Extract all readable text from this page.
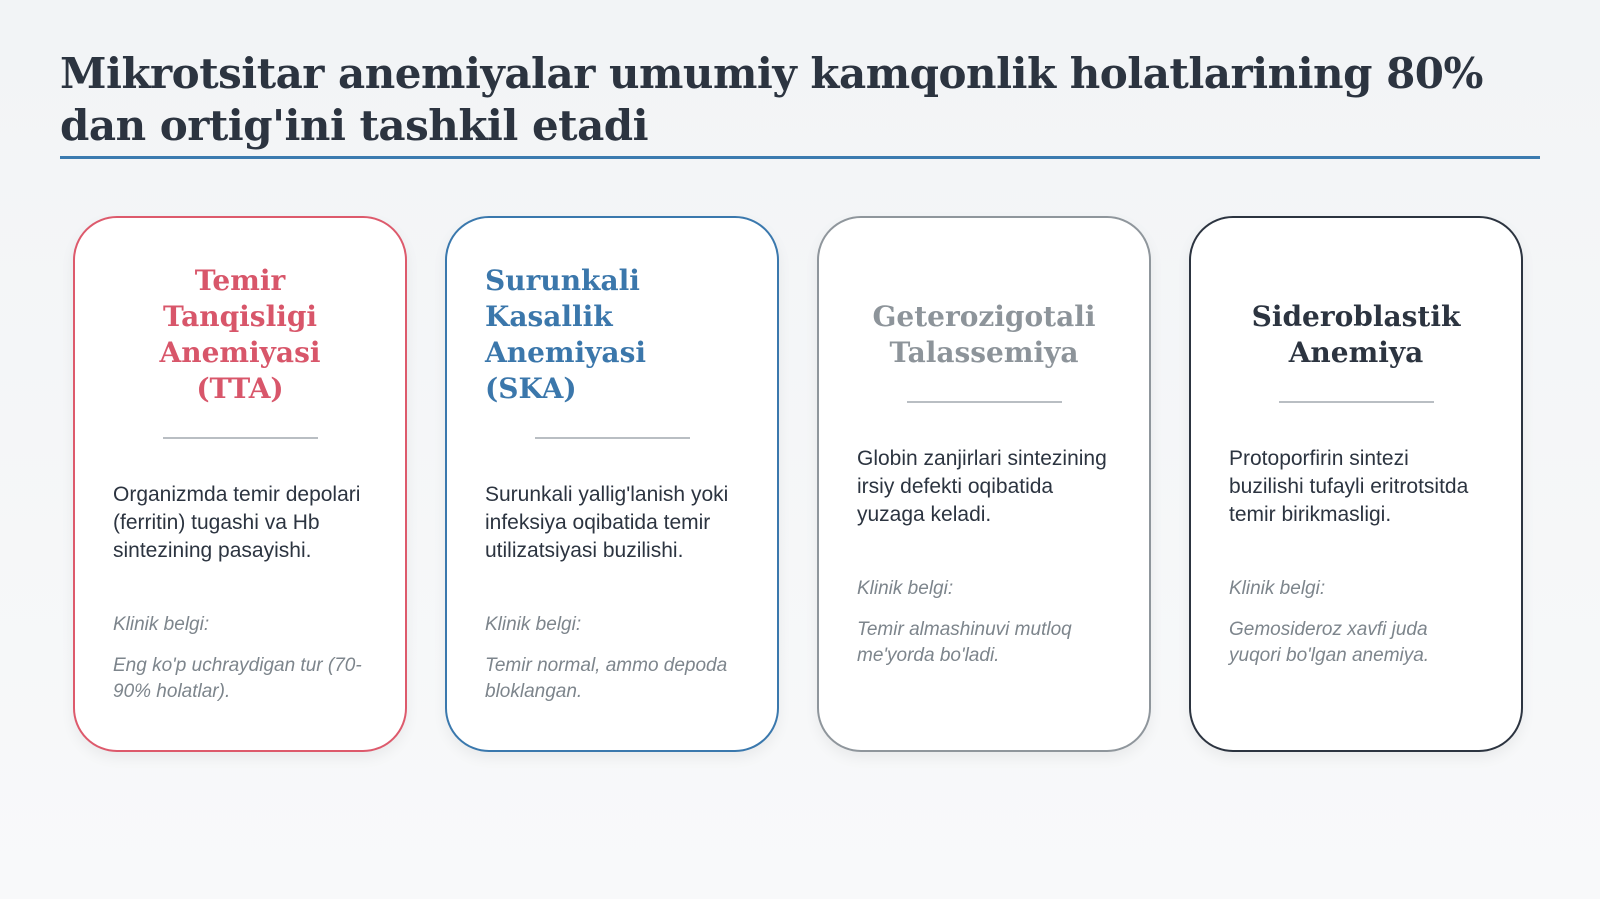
Mikrotsitar anemiyalar umumiy kamqonlik holatlarining 80% dan ortig'ini tashkil etadi
Temir Tanqisligi Anemiyasi (TTA)

Organizmda temir depolari (ferritin) tugashi va Hb sintezining pasayishi.

Klinik belgi:

Eng ko'p uchraydigan tur (70-90% holatlar).

Surunkali Kasallik Anemiyasi (SKA)

Surunkali yallig'lanish yoki infeksiya oqibatida temir utilizatsiyasi buzilishi.

Klinik belgi:

Temir normal, ammo depoda bloklangan.

Geterozigotali Talassemiya

Globin zanjirlari sintezining irsiy defekti oqibatida yuzaga keladi.

Klinik belgi:

Temir almashinuvi mutloq me'yorda bo'ladi.

Sideroblastik Anemiya

Protoporfirin sintezi buzilishi tufayli eritrotsitda temir birikmasligi.

Klinik belgi:

Gemosideroz xavfi juda yuqori bo'lgan anemiya.
